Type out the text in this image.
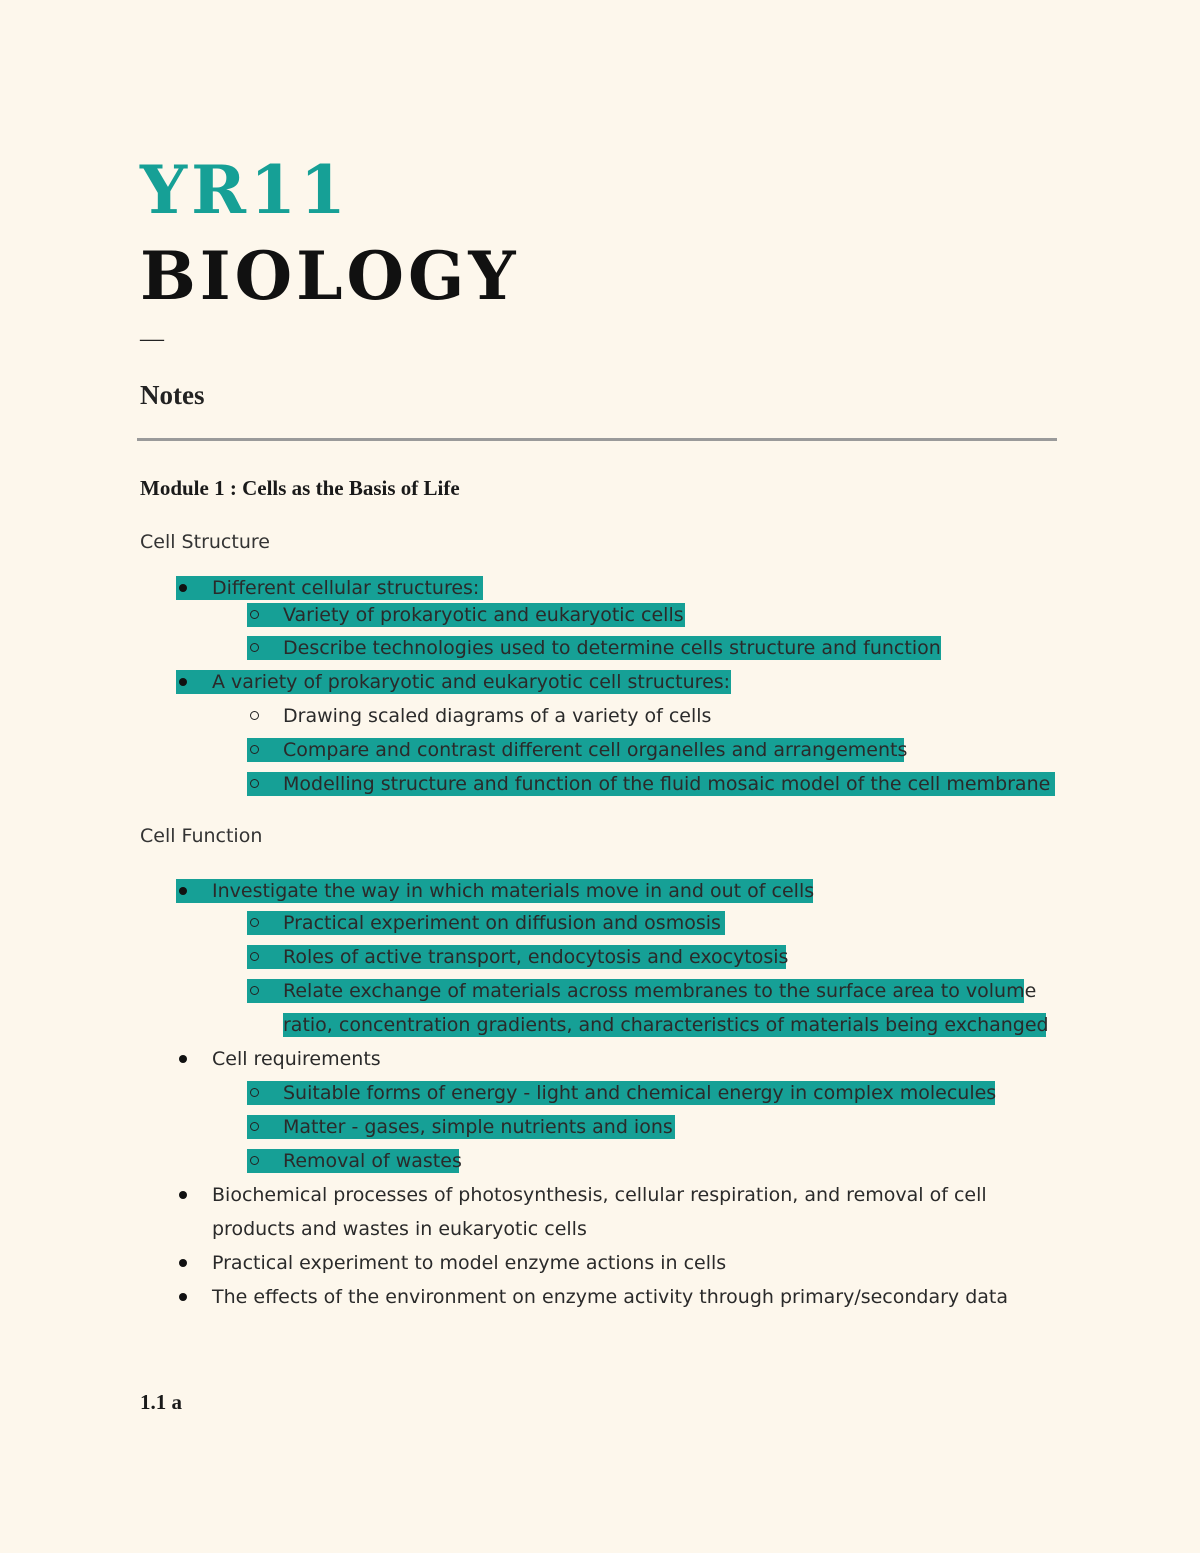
YR11
BIOLOGY
—
Notes
Module 1 : Cells as the Basis of Life
Cell Structure
Different cellular structures:
Variety of prokaryotic and eukaryotic cells
Describe technologies used to determine cells structure and function
A variety of prokaryotic and eukaryotic cell structures:
Drawing scaled diagrams of a variety of cells
Compare and contrast different cell organelles and arrangements
Modelling structure and function of the fluid mosaic model of the cell membrane
Cell Function
Investigate the way in which materials move in and out of cells
Practical experiment on diffusion and osmosis
Roles of active transport, endocytosis and exocytosis
Relate exchange of materials across membranes to the surface area to volume
ratio, concentration gradients, and characteristics of materials being exchanged
Cell requirements
Suitable forms of energy - light and chemical energy in complex molecules
Matter - gases, simple nutrients and ions
Removal of wastes
Biochemical processes of photosynthesis, cellular respiration, and removal of cell
products and wastes in eukaryotic cells
Practical experiment to model enzyme actions in cells
The effects of the environment on enzyme activity through primary/secondary data
1.1 a
